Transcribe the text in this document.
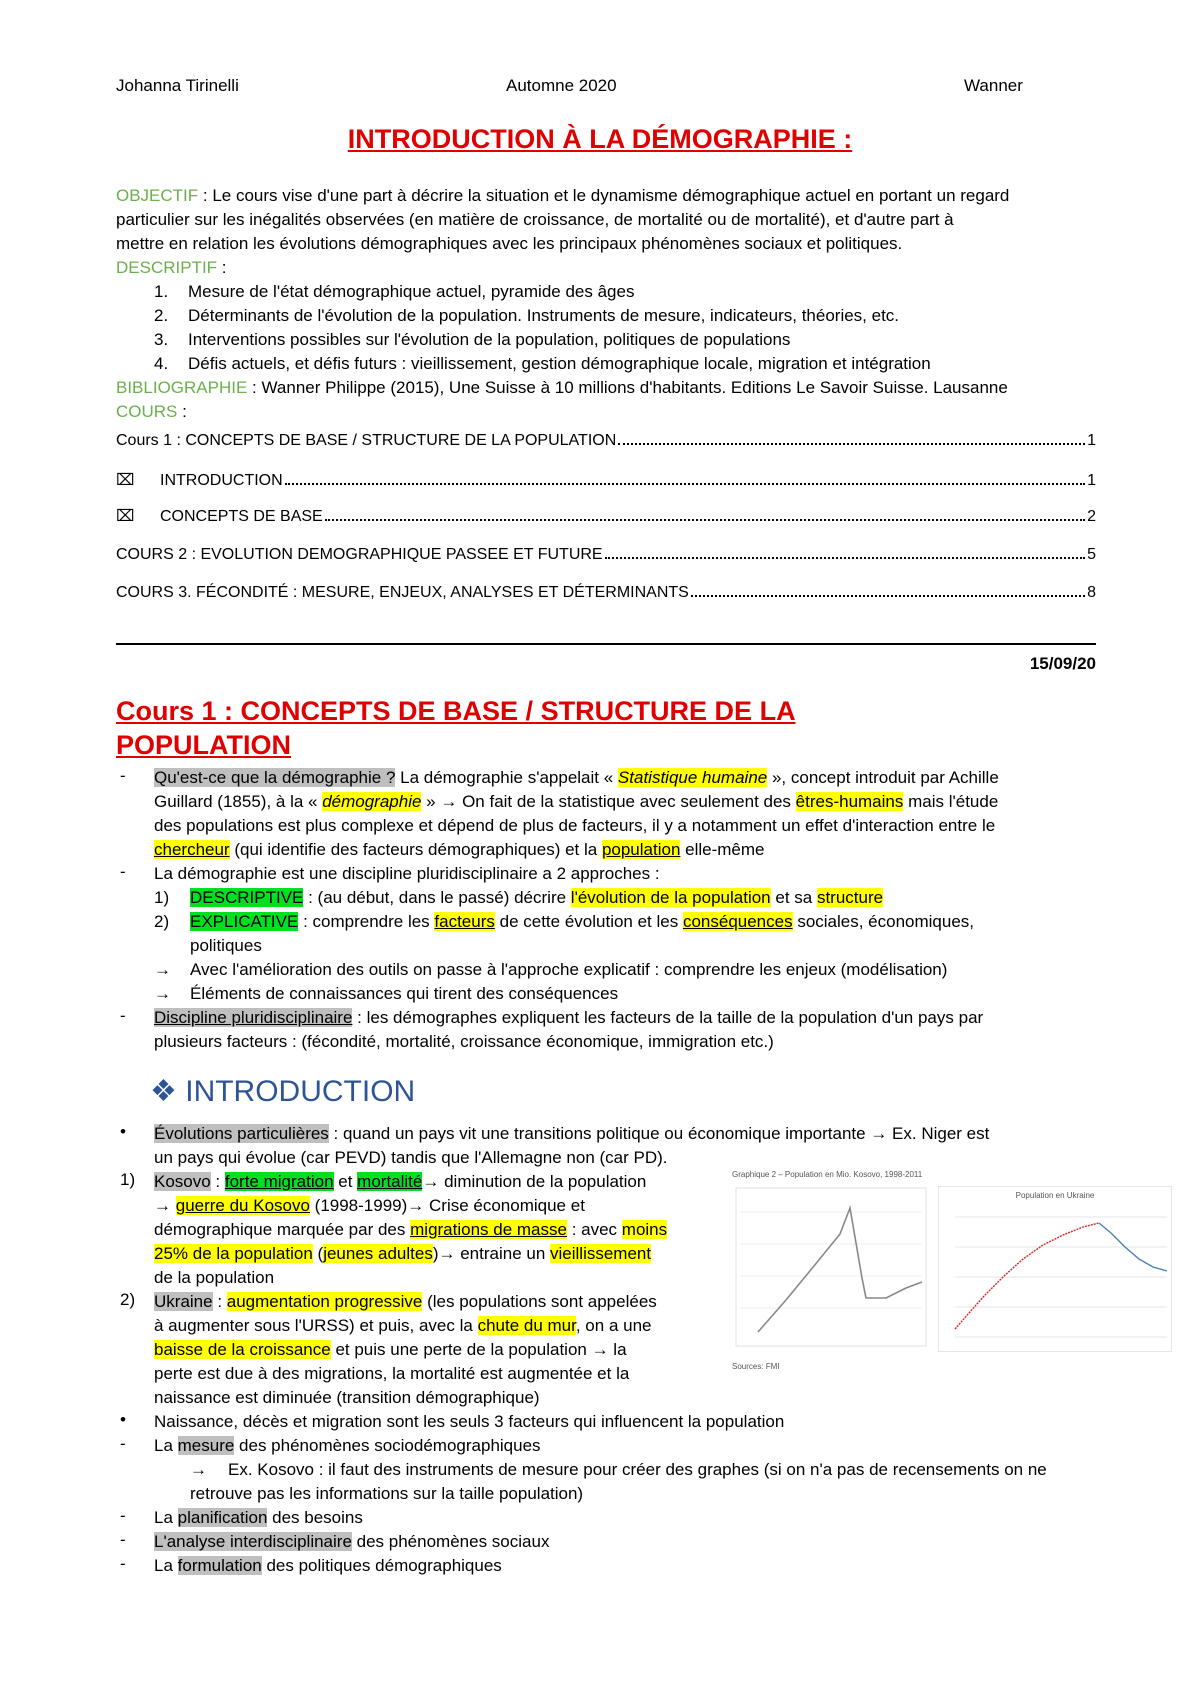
Johanna Tirinelli	Automne 2020	Wanner
INTRODUCTION À LA DÉMOGRAPHIE :
OBJECTIF : Le cours vise d'une part à décrire la situation et le dynamisme démographique actuel en portant un regard
particulier sur les inégalités observées (en matière de croissance, de mortalité ou de mortalité), et d'autre part à
mettre en relation les évolutions démographiques avec les principaux phénomènes sociaux et politiques.
DESCRIPTIF :
1. Mesure de l'état démographique actuel, pyramide des âges
2. Déterminants de l'évolution de la population. Instruments de mesure, indicateurs, théories, etc.
3. Interventions possibles sur l'évolution de la population, politiques de populations
4. Défis actuels, et défis futurs : vieillissement, gestion démographique locale, migration et intégration
BIBLIOGRAPHIE : Wanner Philippe (2015), Une Suisse à 10 millions d'habitants. Editions Le Savoir Suisse. Lausanne
COURS :
Cours 1 : CONCEPTS DE BASE / STRUCTURE DE LA POPULATION	1
⌧	INTRODUCTION	1
⌧	CONCEPTS DE BASE	2
COURS 2 : EVOLUTION DEMOGRAPHIQUE PASSEE ET FUTURE	5
COURS 3. FÉCONDITÉ : MESURE, ENJEUX, ANALYSES ET DÉTERMINANTS	8
15/09/20
Cours 1 : CONCEPTS DE BASE / STRUCTURE DE LA
POPULATION
- Qu'est-ce que la démographie ? La démographie s'appelait « Statistique humaine », concept introduit par Achille
Guillard (1855), à la « démographie » → On fait de la statistique avec seulement des êtres-humains mais l'étude
des populations est plus complexe et dépend de plus de facteurs, il y a notamment un effet d'interaction entre le
chercheur (qui identifie des facteurs démographiques) et la population elle-même
- La démographie est une discipline pluridisciplinaire a 2 approches :
1) DESCRIPTIVE : (au début, dans le passé) décrire l'évolution de la population et sa structure
2) EXPLICATIVE : comprendre les facteurs de cette évolution et les conséquences sociales, économiques,
politiques
→ Avec l'amélioration des outils on passe à l'approche explicatif : comprendre les enjeux (modélisation)
→ Éléments de connaissances qui tirent des conséquences
- Discipline pluridisciplinaire : les démographes expliquent les facteurs de la taille de la population d'un pays par
plusieurs facteurs : (fécondité, mortalité, croissance économique, immigration etc.)
❖ INTRODUCTION
• Évolutions particulières : quand un pays vit une transitions politique ou économique importante → Ex. Niger est
un pays qui évolue (car PEVD) tandis que l'Allemagne non (car PD).
1) Kosovo : forte migration et mortalité→ diminution de la population
→ guerre du Kosovo (1998-1999)→ Crise économique et
démographique marquée par des migrations de masse : avec moins
25% de la population (jeunes adultes)→ entraine un vieillissement
de la population
2) Ukraine : augmentation progressive (les populations sont appelées
à augmenter sous l'URSS) et puis, avec la chute du mur, on a une
baisse de la croissance et puis une perte de la population → la
perte est due à des migrations, la mortalité est augmentée et la
naissance est diminuée (transition démographique)
Graphique 2 – Population en Mio. Kosovo, 1998-2011
Sources: FMI
Population en Ukraine
• Naissance, décès et migration sont les seuls 3 facteurs qui influencent la population
- La mesure des phénomènes sociodémographiques
→ Ex. Kosovo : il faut des instruments de mesure pour créer des graphes (si on n'a pas de recensements on ne
retrouve pas les informations sur la taille population)
- La planification des besoins
- L'analyse interdisciplinaire des phénomènes sociaux
- La formulation des politiques démographiques
